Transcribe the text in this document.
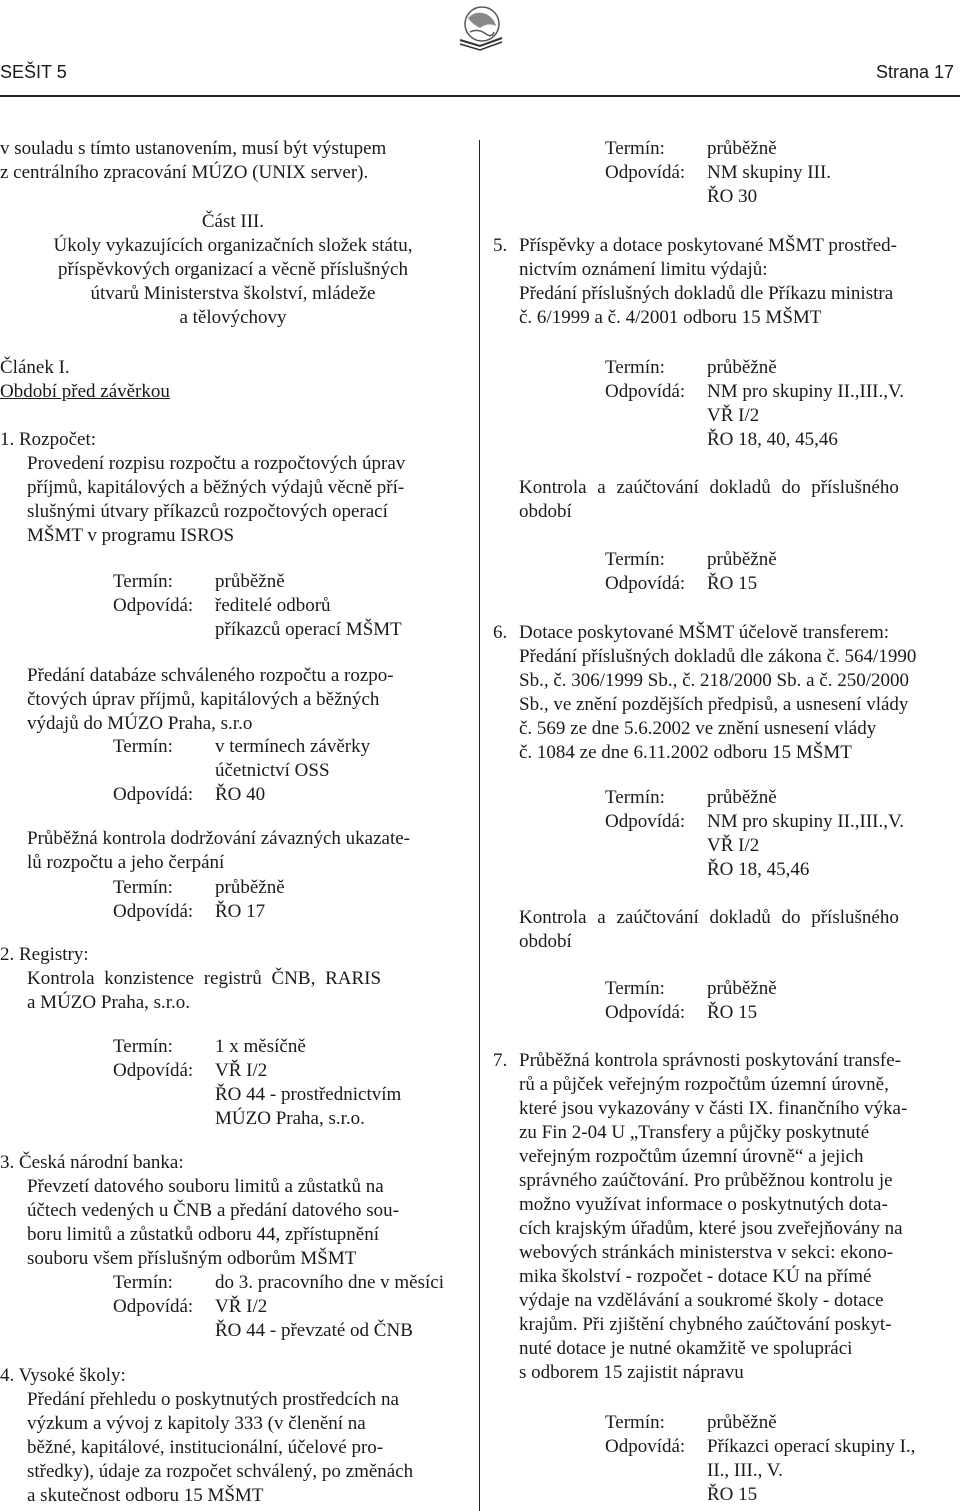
SEŠIT 5	Strana 17
v souladu s tímto ustanovením, musí být výstupem
z centrálního zpracování MÚZO (UNIX server).
Část III.
Úkoly vykazujících organizačních složek státu,
příspěvkových organizací a věcně příslušných
útvarů Ministerstva školství, mládeže
a tělovýchovy
Článek I.
Období před závěrkou
1. Rozpočet:
Provedení rozpisu rozpočtu a rozpočtových úprav
příjmů, kapitálových a běžných výdajů věcně pří-
slušnými útvary příkazců rozpočtových operací
MŠMT v programu ISROS
Termín: průběžně
Odpovídá: ředitelé odborů
příkazců operací MŠMT
Předání databáze schváleného rozpočtu a rozpo-
čtových úprav příjmů, kapitálových a běžných
výdajů do MÚZO Praha, s.r.o
Termín: v termínech závěrky
účetnictví OSS
Odpovídá: ŘO 40
Průběžná kontrola dodržování závazných ukazate-
lů rozpočtu a jeho čerpání
Termín: průběžně
Odpovídá: ŘO 17
2. Registry:
Kontrola konzistence registrů ČNB, RARIS
a MÚZO Praha, s.r.o.
Termín: 1 x měsíčně
Odpovídá: VŘ I/2
ŘO 44 - prostřednictvím
MÚZO Praha, s.r.o.
3. Česká národní banka:
Převzetí datového souboru limitů a zůstatků na
účtech vedených u ČNB a předání datového sou-
boru limitů a zůstatků odboru 44, zpřístupnění
souboru všem příslušným odborům MŠMT
Termín: do 3. pracovního dne v měsíci
Odpovídá: VŘ I/2
ŘO 44 - převzaté od ČNB
4. Vysoké školy:
Předání přehledu o poskytnutých prostředcích na
výzkum a vývoj z kapitoly 333 (v členění na
běžné, kapitálové, institucionální, účelové pro-
středky), údaje za rozpočet schválený, po změnách
a skutečnost odboru 15 MŠMT
Termín: průběžně
Odpovídá: NM skupiny III.
ŘO 30
5. Příspěvky a dotace poskytované MŠMT prostřed-
nictvím oznámení limitu výdajů:
Předání příslušných dokladů dle Příkazu ministra
č. 6/1999 a č. 4/2001 odboru 15 MŠMT
Termín: průběžně
Odpovídá: NM pro skupiny II.,III.,V.
VŘ I/2
ŘO 18, 40, 45,46
Kontrola a zaúčtování dokladů do příslušného
období
Termín: průběžně
Odpovídá: ŘO 15
6. Dotace poskytované MŠMT účelově transferem:
Předání příslušných dokladů dle zákona č. 564/1990
Sb., č. 306/1999 Sb., č. 218/2000 Sb. a č. 250/2000
Sb., ve znění pozdějších předpisů, a usnesení vlády
č. 569 ze dne 5.6.2002 ve znění usnesení vlády
č. 1084 ze dne 6.11.2002 odboru 15 MŠMT
Termín: průběžně
Odpovídá: NM pro skupiny II.,III.,V.
VŘ I/2
ŘO 18, 45,46
Kontrola a zaúčtování dokladů do příslušného
období
Termín: průběžně
Odpovídá: ŘO 15
7. Průběžná kontrola správnosti poskytování transfe-
rů a půjček veřejným rozpočtům územní úrovně,
které jsou vykazovány v části IX. finančního výka-
zu Fin 2-04 U „Transfery a půjčky poskytnuté
veřejným rozpočtům územní úrovně“ a jejich
správného zaúčtování. Pro průběžnou kontrolu je
možno využívat informace o poskytnutých dota-
cích krajským úřadům, které jsou zveřejňovány na
webových stránkách ministerstva v sekci: ekono-
mika školství - rozpočet - dotace KÚ na přímé
výdaje na vzdělávání a soukromé školy - dotace
krajům. Při zjištění chybného zaúčtování poskyt-
nuté dotace je nutné okamžitě ve spolupráci
s odborem 15 zajistit nápravu
Termín: průběžně
Odpovídá: Příkazci operací skupiny I.,
II., III., V.
ŘO 15
